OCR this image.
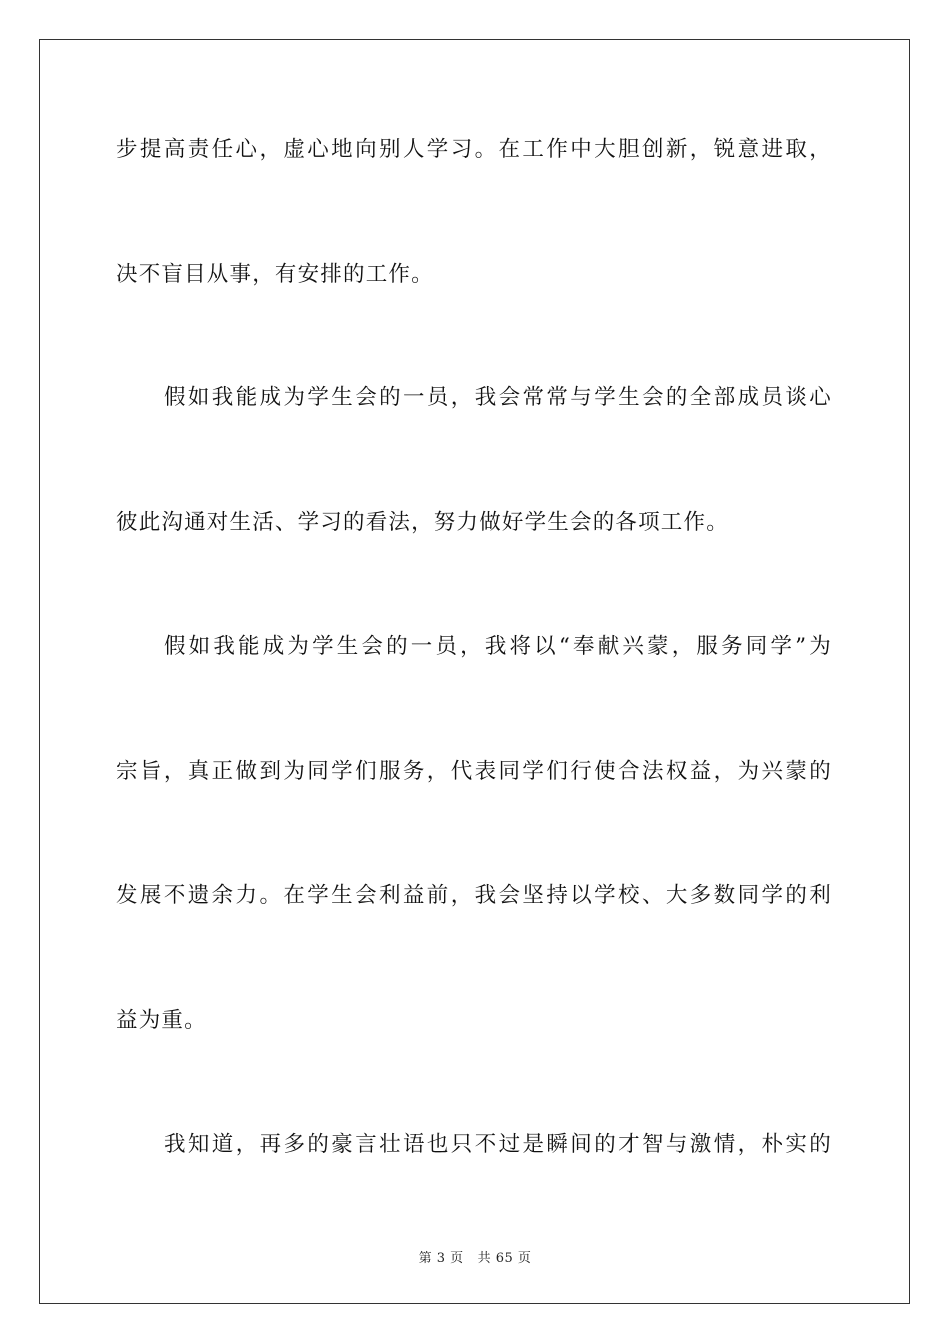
步提高责任心，虚心地向别人学习。在工作中大胆创新，锐意进取，
决不盲目从事，有安排的工作。
假如我能成为学生会的一员，我会常常与学生会的全部成员谈心
彼此沟通对生活、学习的看法，努力做好学生会的各项工作。
假如我能成为学生会的一员，我将以“奉献兴蒙，服务同学”为
宗旨，真正做到为同学们服务，代表同学们行使合法权益，为兴蒙的
发展不遗余力。在学生会利益前，我会坚持以学校、大多数同学的利
益为重。
我知道，再多的豪言壮语也只不过是瞬间的才智与激情，朴实的
第 3 页 共 65 页
